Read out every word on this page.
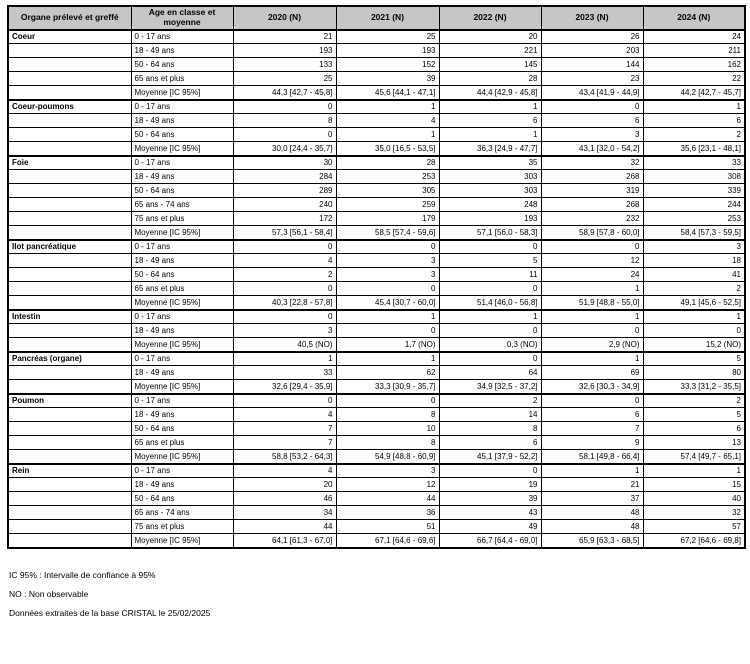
Organe prélevé et greffé	Age en classe et moyenne	2020 (N)	2021 (N)	2022 (N)	2023 (N)	2024 (N)
Coeur	0 - 17 ans	21	25	20	26	24
	18 - 49 ans	193	193	221	203	211
	50 - 64 ans	133	152	145	144	162
	65 ans et plus	25	39	28	23	22
	Moyenne [IC 95%]	44,3 [42,7 - 45,8]	45,6 [44,1 - 47,1]	44,4 [42,9 - 45,8]	43,4 [41,9 - 44,9]	44,2 [42,7 - 45,7]
Coeur-poumons	0 - 17 ans	0	1	1	0	1
	18 - 49 ans	8	4	6	6	6
	50 - 64 ans	0	1	1	3	2
	Moyenne [IC 95%]	30,0 [24,4 - 35,7]	35,0 [16,5 - 53,5]	36,3 [24,9 - 47,7]	43,1 [32,0 - 54,2]	35,6 [23,1 - 48,1]
Foie	0 - 17 ans	30	28	35	32	33
	18 - 49 ans	284	253	303	268	308
	50 - 64 ans	289	305	303	319	339
	65 ans - 74 ans	240	259	248	268	244
	75 ans et plus	172	179	193	232	253
	Moyenne [IC 95%]	57,3 [56,1 - 58,4]	58,5 [57,4 - 59,6]	57,1 [56,0 - 58,3]	58,9 [57,8 - 60,0]	58,4 [57,3 - 59,5]
Ilot pancréatique	0 - 17 ans	0	0	0	0	3
	18 - 49 ans	4	3	5	12	18
	50 - 64 ans	2	3	11	24	41
	65 ans et plus	0	0	0	1	2
	Moyenne [IC 95%]	40,3 [22,8 - 57,8]	45,4 [30,7 - 60,0]	51,4 [46,0 - 56,8]	51,9 [48,8 - 55,0]	49,1 [45,6 - 52,5]
Intestin	0 - 17 ans	0	1	1	1	1
	18 - 49 ans	3	0	0	0	0
	Moyenne [IC 95%]	40,5 (NO)	1,7 (NO)	0,3 (NO)	2,9 (NO)	15,2 (NO)
Pancréas (organe)	0 - 17 ans	1	1	0	1	5
	18 - 49 ans	33	62	64	69	80
	Moyenne [IC 95%]	32,6 [29,4 - 35,9]	33,3 [30,9 - 35,7]	34,9 [32,5 - 37,2]	32,6 [30,3 - 34,9]	33,3 [31,2 - 35,5]
Poumon	0 - 17 ans	0	0	2	0	2
	18 - 49 ans	4	8	14	6	5
	50 - 64 ans	7	10	8	7	6
	65 ans et plus	7	8	6	9	13
	Moyenne [IC 95%]	58,8 [53,2 - 64,3]	54,9 [48,8 - 60,9]	45,1 [37,9 - 52,2]	58,1 [49,8 - 66,4]	57,4 [49,7 - 65,1]
Rein	0 - 17 ans	4	3	0	1	1
	18 - 49 ans	20	12	19	21	15
	50 - 64 ans	46	44	39	37	40
	65 ans - 74 ans	34	36	43	48	32
	75 ans et plus	44	51	49	48	57
	Moyenne [IC 95%]	64,1 [61,3 - 67,0]	67,1 [64,6 - 69,6]	66,7 [64,4 - 69,0]	65,9 [63,3 - 68,5]	67,2 [64,6 - 69,8]
IC 95% : Intervalle de confiance à 95%
NO : Non observable
Données extraites de la base CRISTAL le 25/02/2025
